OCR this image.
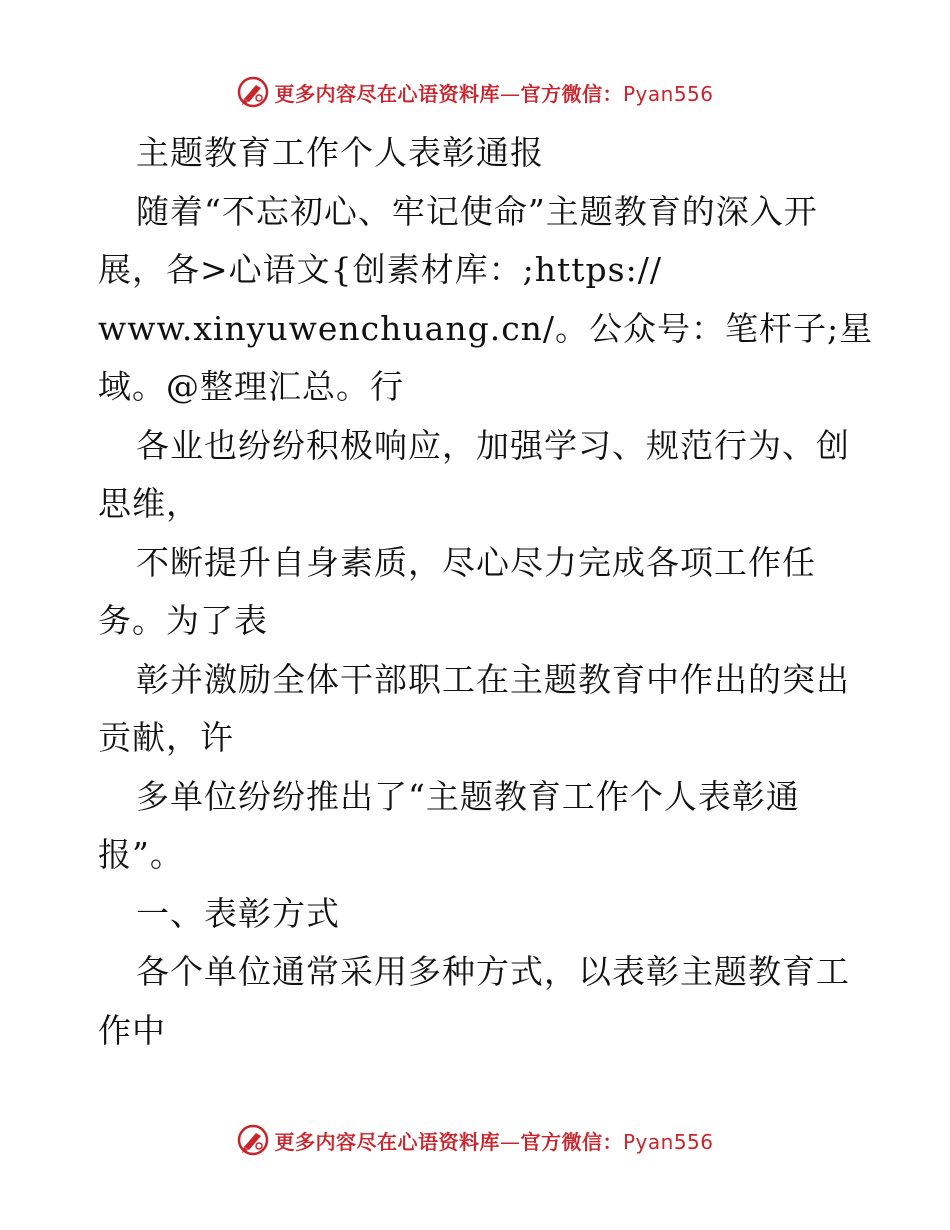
更多内容尽在心语资料库—官方微信：Pyan556
主题教育工作个人表彰通报
随着“不忘初心、牢记使命”主题教育的深入开
展，各>心语文{创素材库：;https://
www.xinyuwenchuang.cn/。公众号：笔杆子;星
域。@整理汇总。行
各业也纷纷积极响应，加强学习、规范行为、创
思维，
不断提升自身素质，尽心尽力完成各项工作任
务。为了表
彰并激励全体干部职工在主题教育中作出的突出
贡献，许
多单位纷纷推出了“主题教育工作个人表彰通
报”。
一、表彰方式
各个单位通常采用多种方式，以表彰主题教育工
作中
更多内容尽在心语资料库—官方微信：Pyan556
